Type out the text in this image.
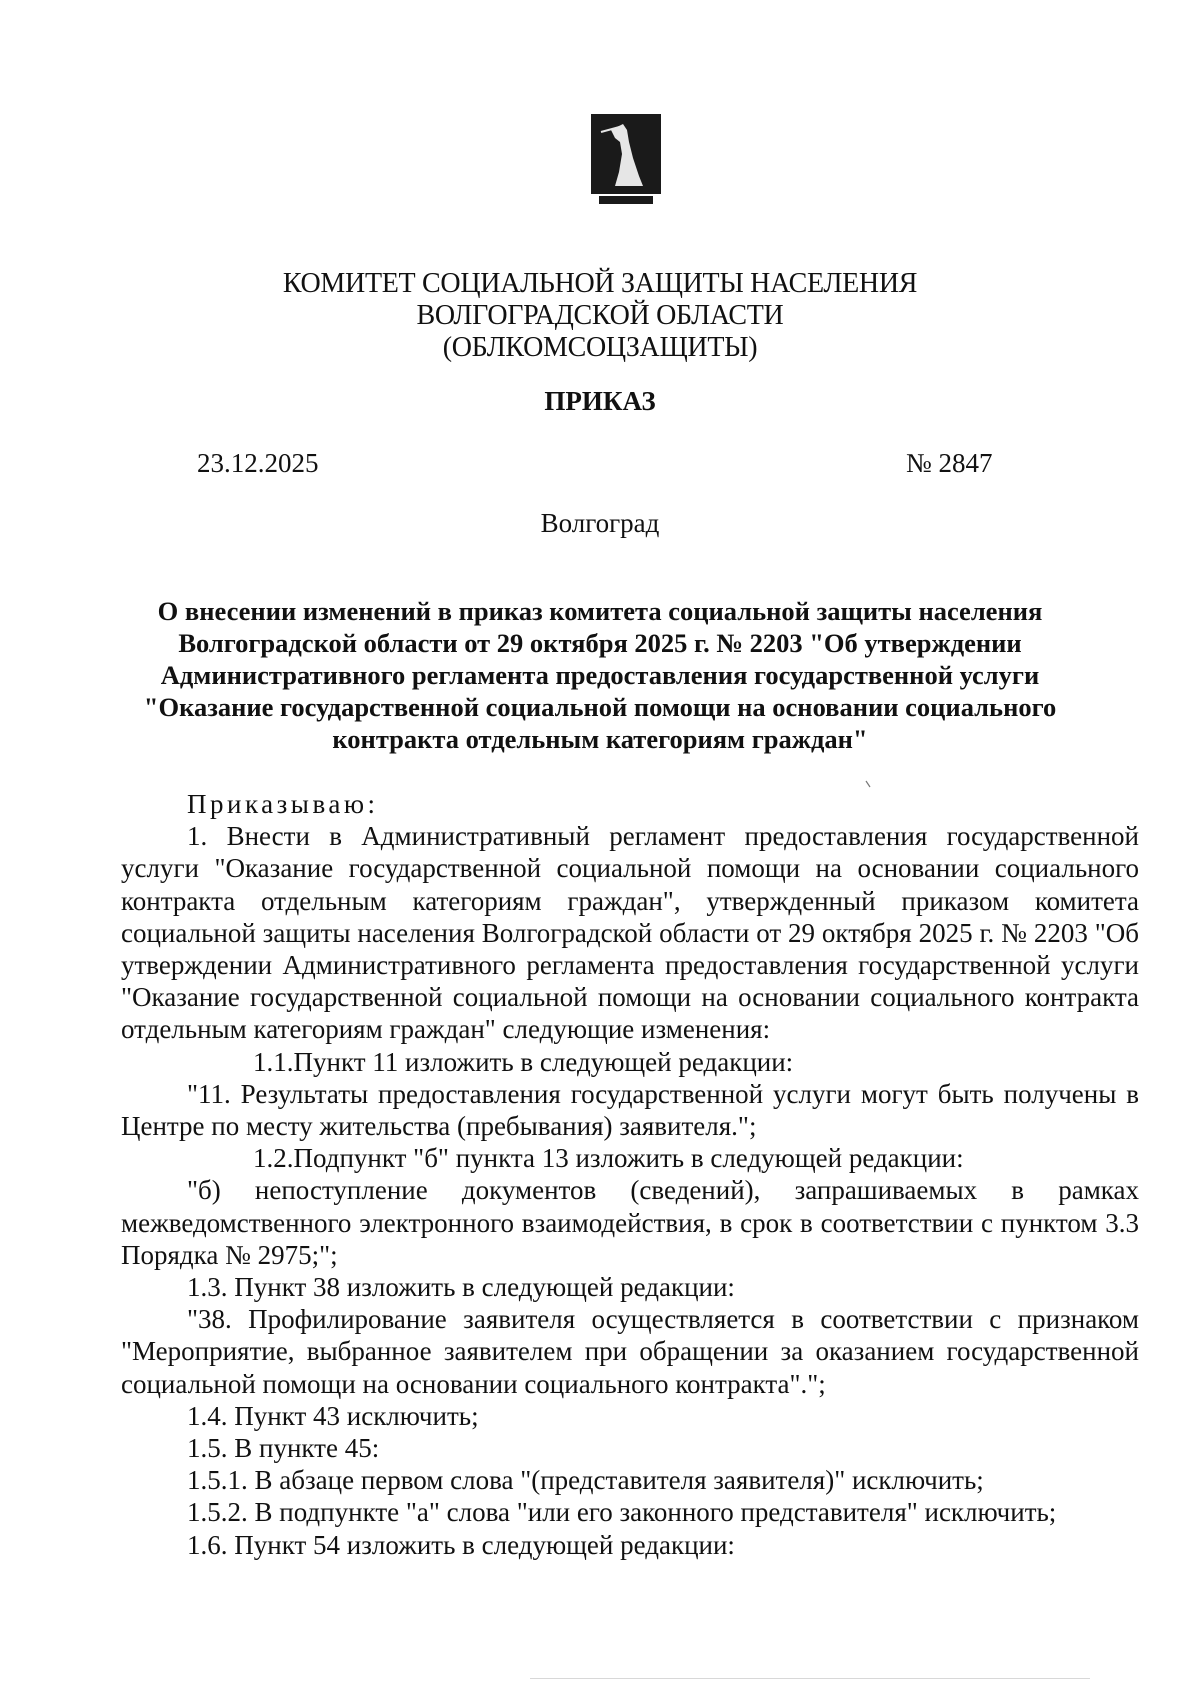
КОМИТЕТ СОЦИАЛЬНОЙ ЗАЩИТЫ НАСЕЛЕНИЯ
ВОЛГОГРАДСКОЙ ОБЛАСТИ
(ОБЛКОМСОЦЗАЩИТЫ)
ПРИКАЗ
23.12.2025	№ 2847
Волгоград
О внесении изменений в приказ комитета социальной защиты населения
Волгоградской области от 29 октября 2025 г. № 2203 "Об утверждении
Административного регламента предоставления государственной услуги
"Оказание государственной социальной помощи на основании социального
контракта отдельным категориям граждан"

Приказываю:

1. Внести в Административный регламент предоставления государственной услуги "Оказание государственной социальной помощи на основании социального контракта отдельным категориям граждан", утвержденный приказом комитета социальной защиты населения Волгоградской области от 29 октября 2025 г. № 2203 "Об утверждении Административного регламента предоставления государственной услуги "Оказание государственной социальной помощи на основании социального контракта отдельным категориям граждан" следующие изменения:

1.1.Пункт 11 изложить в следующей редакции:

"11. Результаты предоставления государственной услуги могут быть получены в Центре по месту жительства (пребывания) заявителя.";

1.2.Подпункт "б" пункта 13 изложить в следующей редакции:

"б) непоступление документов (сведений), запрашиваемых в рамках межведомственного электронного взаимодействия, в срок в соответствии с пунктом 3.3 Порядка № 2975;";

1.3. Пункт 38 изложить в следующей редакции:

"38. Профилирование заявителя осуществляется в соответствии с признаком "Мероприятие, выбранное заявителем при обращении за оказанием государственной социальной помощи на основании социального контракта".";

1.4. Пункт 43 исключить;

1.5. В пункте 45:

1.5.1. В абзаце первом слова "(представителя заявителя)" исключить;

1.5.2. В подпункте "а" слова "или его законного представителя" исключить;

1.6. Пункт 54 изложить в следующей редакции:
